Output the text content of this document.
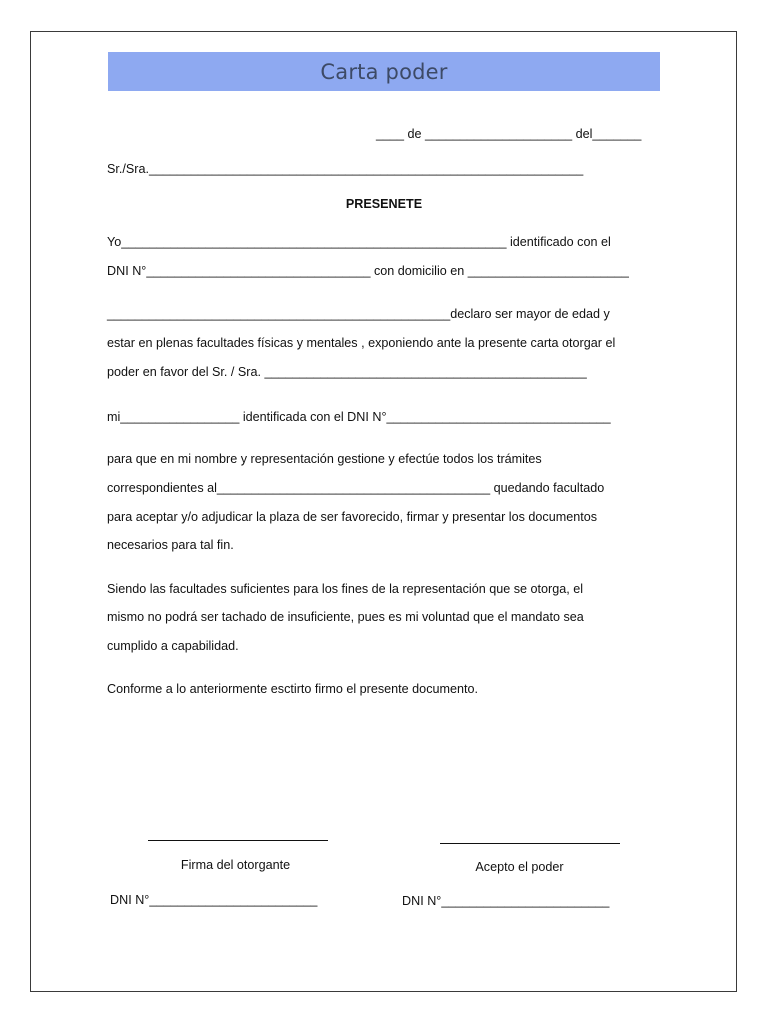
Carta poder
____ de _____________________ del_______
Sr./Sra.______________________________________________________________
PRESENETE
Yo_______________________________________________________ identificado con el
DNI N°________________________________ con domicilio en _______________________
_________________________________________________declaro ser mayor de edad y
estar en plenas facultades físicas y mentales , exponiendo ante la presente carta otorgar el
poder en favor del Sr. / Sra. ______________________________________________
mi_________________ identificada con el DNI N°________________________________
para que en mi nombre y representación gestione y efectúe todos los trámites
correspondientes al_______________________________________ quedando facultado
para aceptar y/o adjudicar la plaza de ser favorecido, firmar y presentar los documentos
necesarios para tal fin.
Siendo las facultades suficientes para los fines de la representación que se otorga, el
mismo no podrá ser tachado de insuficiente, pues es mi voluntad que el mandato sea
cumplido a capabilidad.
Conforme a lo anteriormente esctirto firmo el presente documento.
Firma del otorgante	Acepto el poder
DNI N°________________________	DNI N°________________________
